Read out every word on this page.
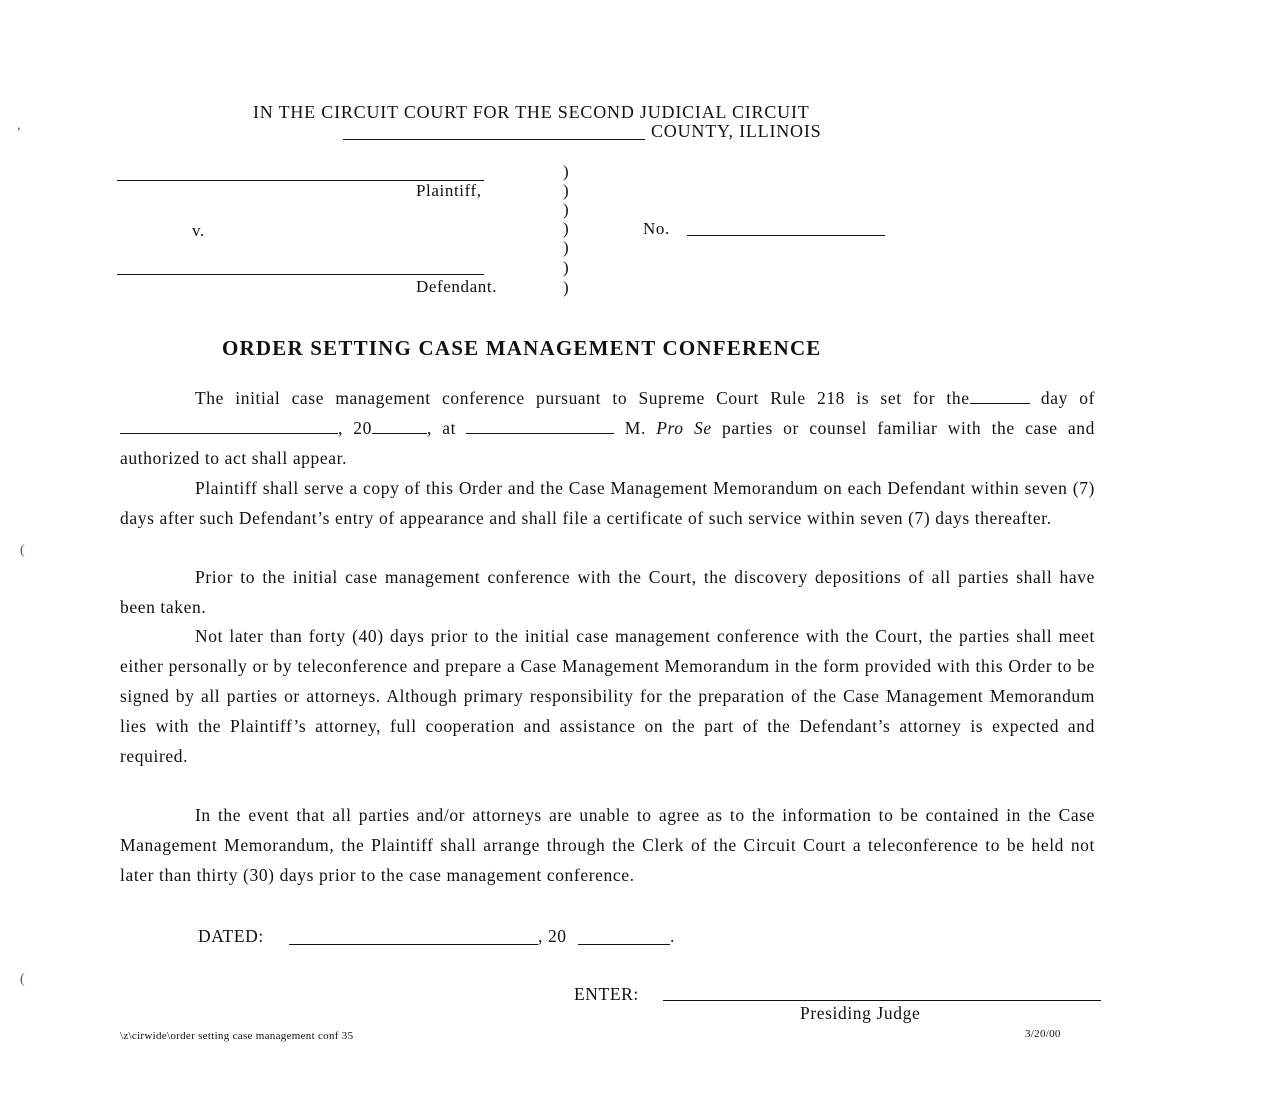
IN THE CIRCUIT COURT FOR THE SECOND JUDICIAL CIRCUIT
COUNTY, ILLINOIS
Plaintiff,
v.
Defendant.
)
)
)
)
)
)
)
No.
ORDER SETTING CASE MANAGEMENT CONFERENCE
The initial case management conference pursuant to Supreme Court Rule 218 is set for the	day of , 20	, at	M. Pro Se parties or counsel familiar with the case and authorized to act shall appear.
Plaintiff shall serve a copy of this Order and the Case Management Memorandum on each Defendant within seven (7) days after such Defendant’s entry of appearance and shall file a certificate of such service within seven (7) days thereafter.
Prior to the initial case management conference with the Court, the discovery depositions of all parties shall have been taken.
Not later than forty (40) days prior to the initial case management conference with the Court, the parties shall meet either personally or by teleconference and prepare a Case Management Memorandum in the form provided with this Order to be signed by all parties or attorneys. Although primary responsibility for the preparation of the Case Management Memorandum lies with the Plaintiff’s attorney, full cooperation and assistance on the part of the Defendant’s attorney is expected and required.
In the event that all parties and/or attorneys are unable to agree as to the information to be contained in the Case Management Memorandum, the Plaintiff shall arrange through the Clerk of the Circuit Court a teleconference to be held not later than thirty (30) days prior to the case management conference.
DATED:	, 20	.
ENTER:
Presiding Judge
\z\cirwide\order setting case management conf 35	3/20/00
,
(
(
